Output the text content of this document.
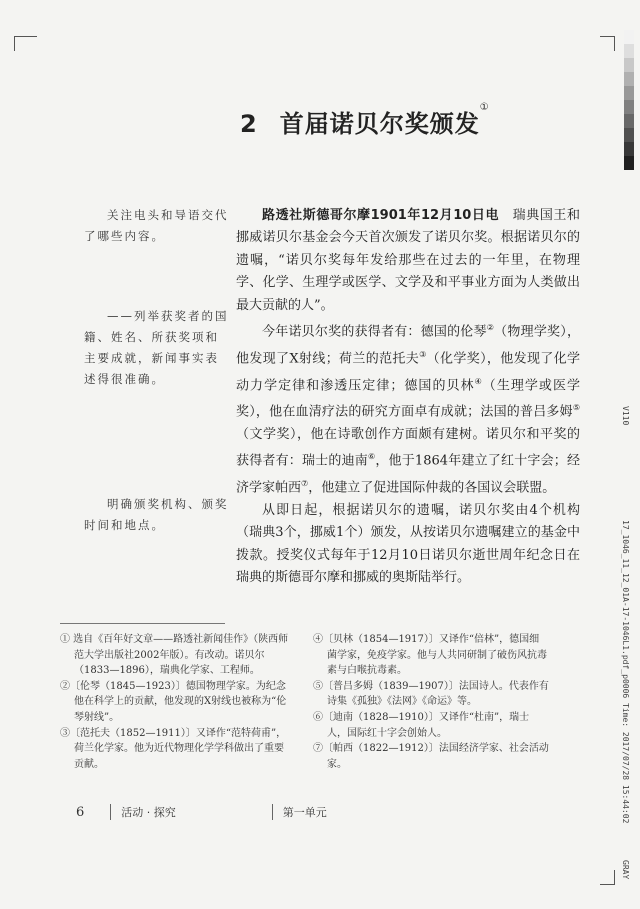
2 首届诺贝尔奖颁发①
关注电头和导语交代了哪些内容。
——列举获奖者的国籍、姓名、所获奖项和主要成就，新闻事实表述得很准确。
明确颁奖机构、颁奖时间和地点。

路透社斯德哥尔摩1901年12月10日电　 瑞典国王和挪威诺贝尔基金会今天首次颁发了诺贝尔奖。根据诺贝尔的遗嘱，“诺贝尔奖每年发给那些在过去的一年里，在物理学、化学、生理学或医学、文学及和平事业方面为人类做出最大贡献的人”。

今年诺贝尔奖的获得者有：德国的伦琴②（物理学奖），他发现了X射线；荷兰的范托夫③（化学奖），他发现了化学动力学定律和渗透压定律；德国的贝林④（生理学或医学奖），他在血清疗法的研究方面卓有成就；法国的普吕多姆⑤（文学奖），他在诗歌创作方面颇有建树。诺贝尔和平奖的获得者有：瑞士的迪南⑥，他于1864年建立了红十字会；经济学家帕西⑦，他建立了促进国际仲裁的各国议会联盟。

从即日起，根据诺贝尔的遗嘱，诺贝尔奖由4个机构（瑞典3个，挪威1个）颁发，从按诺贝尔遗嘱建立的基金中拨款。授奖仪式每年于12月10日诺贝尔逝世周年纪念日在瑞典的斯德哥尔摩和挪威的奥斯陆举行。

① 选自《百年好文章——路透社新闻佳作》（陕西师范大学出版社2002年版）。有改动。诺贝尔（1833—1896），瑞典化学家、工程师。

②〔伦琴（1845—1923）〕德国物理学家。为纪念他在科学上的贡献，他发现的X射线也被称为“伦琴射线”。

③〔范托夫（1852—1911）〕又译作“范特荷甫”，荷兰化学家。他为近代物理化学学科做出了重要贡献。

④〔贝林（1854—1917）〕又译作“倍林”，德国细菌学家，免疫学家。他与人共同研制了破伤风抗毒素与白喉抗毒素。

⑤〔普吕多姆（1839—1907）〕法国诗人。代表作有诗集《孤独》《法网》《命运》等。

⑥〔迪南（1828—1910）〕又译作“杜南”，瑞士人，国际红十字会创始人。

⑦〔帕西（1822—1912）〕法国经济学家、社会活动家。

V110
17_1046_11_12_01A-17-1046L1.pdf_p0006 Time: 2017/07/28 15:44:02
GRAY
6	活动 · 探究	第一单元
